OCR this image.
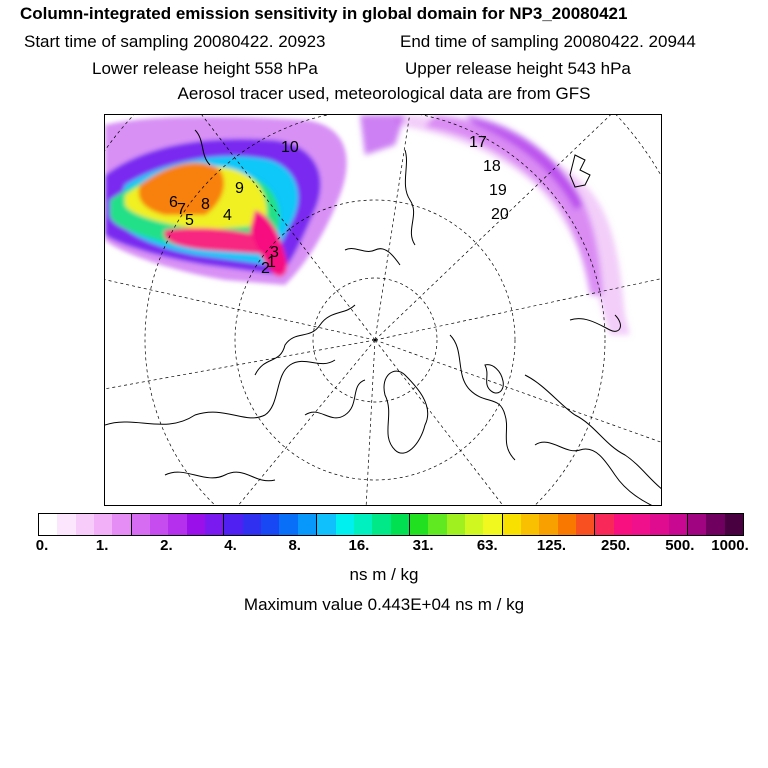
Column-integrated emission sensitivity in global domain for NP3_20080421
Start time of sampling 20080422. 20923	End time of sampling 20080422. 20944
Lower release height 558 hPa	Upper release height 543 hPa
Aerosol tracer used, meteorological data are from GFS
1
2
3
4
5
6 7 8
9
10	17
18
19
20
0.	1.	2.	4.	8.	16.	31.	63.	125. 250. 500. 1000.
ns m / kg
Maximum value 0.443E+04 ns m / kg
